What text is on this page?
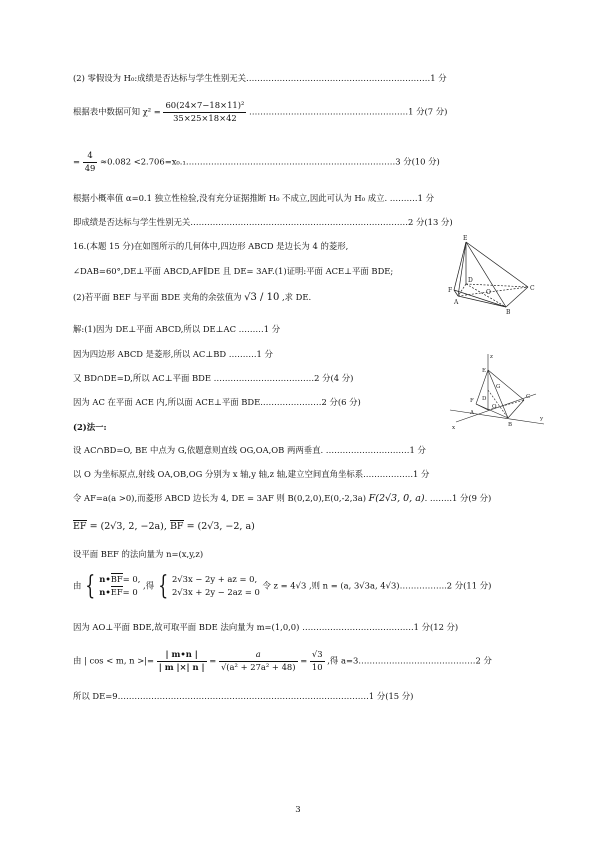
(2) 零假设为 H₀:成绩是否达标与学生性别无关…………………………………………………………1 分
根据表中数据可知 $\chi^2 = \frac{\text{60(24×7−18×11)²}}{35\times 25\times 18\times 42}$ …………………………………………………1 分(7 分)
= $\frac{4}{49} \approx 0.082$ <2.706=x₀.₁…………………………………………………………………3 分(10 分)
根据小概率值 α=0.1 独立性检验,没有充分证据推断 H₀ 不成立,因此可认为 H₀ 成立. ……….1 分
即成绩是否达标与学生性别无关……………………………………………………………………2 分(13 分)
16.(本题 15 分)在如图所示的几何体中,四边形 ABCD 是边长为 4 的菱形,
∠DAB=60°,DE⊥平面 ABCD,AF∥DE 且 DE= 3AF.(1)证明:平面 ACE⊥平面 BDE;
(2)若平面 BEF 与平面 BDE 夹角的余弦值为 √3 / 10 ,求 DE.
E
F
D
A
B
C
O
解:(1)因为 DE⊥平面 ABCD,所以 DE⊥AC ………1 分
因为四边形 ABCD 是菱形,所以 AC⊥BD ……….1 分
又 BD∩DE=D,所以 AC⊥平面 BDE ………………………………2 分(4 分)
因为 AC 在平面 ACE 内,所以面 ACE⊥平面 BDE.…………………2 分(6 分)
z
E
G
F D
O
C
A
B
x
y
(2)法一:
设 AC∩BD=O, BE 中点为 G,依题意则直线 OG,OA,OB 两两垂直. …………………………1 分
以 O 为坐标原点,射线 OA,OB,OG 分别为 x 轴,y 轴,z 轴,建立空间直角坐标系.……………..1 分
令 AF=a(a >0),而菱形 ABCD 边长为 4, DE = 3AF 则 B(0,2,0),E(0,-2,3a) F(2√3, 0, a). ……..1 分(9 分)
EF = (2√3, 2, −2a), BF = (2√3, −2, a)
设平面 BEF 的法向量为 n=(x,y,z)
由 { n•BF= 0,
n•EF= 0
,得 { 2√3x − 2y + az = 0,
2√3x + 2y − 2az = 0
令 z = 4√3 ,则 n = (a, 3√3a, 4√3)……………..2 分(11 分)
因为 AO⊥平面 BDE,故可取平面 BDE 法向量为 m=(1,0,0) ………………………………….1 分(12 分)
由 | cos < m, n >|= $\frac{| m•n |}{| m |\times| n |} = \frac{a}{\text{√(a² + 27a² + 48)}} = \frac{√3}{10}$ ,得 a=3……………………………………2 分
所以 DE=9………………………………………………………………………………1 分(15 分)
3
